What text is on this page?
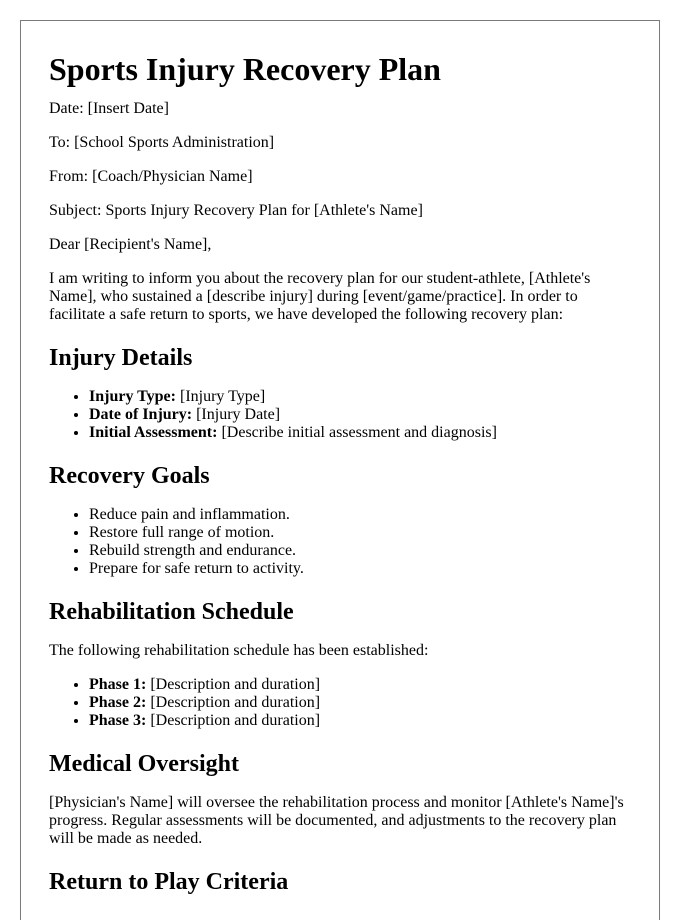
Sports Injury Recovery Plan

Date: [Insert Date]

To: [School Sports Administration]

From: [Coach/Physician Name]

Subject: Sports Injury Recovery Plan for [Athlete's Name]

Dear [Recipient's Name],

I am writing to inform you about the recovery plan for our student-athlete, [Athlete's Name], who sustained a [describe injury] during [event/game/practice]. In order to facilitate a safe return to sports, we have developed the following recovery plan:

Injury Details
• Injury Type: [Injury Type]
• Date of Injury: [Injury Date]
• Initial Assessment: [Describe initial assessment and diagnosis]
Recovery Goals
• Reduce pain and inflammation.
• Restore full range of motion.
• Rebuild strength and endurance.
• Prepare for safe return to activity.
Rehabilitation Schedule

The following rehabilitation schedule has been established:

• Phase 1: [Description and duration]
• Phase 2: [Description and duration]
• Phase 3: [Description and duration]
Medical Oversight

[Physician's Name] will oversee the rehabilitation process and monitor [Athlete's Name]'s progress. Regular assessments will be documented, and adjustments to the recovery plan will be made as needed.

Return to Play Criteria
